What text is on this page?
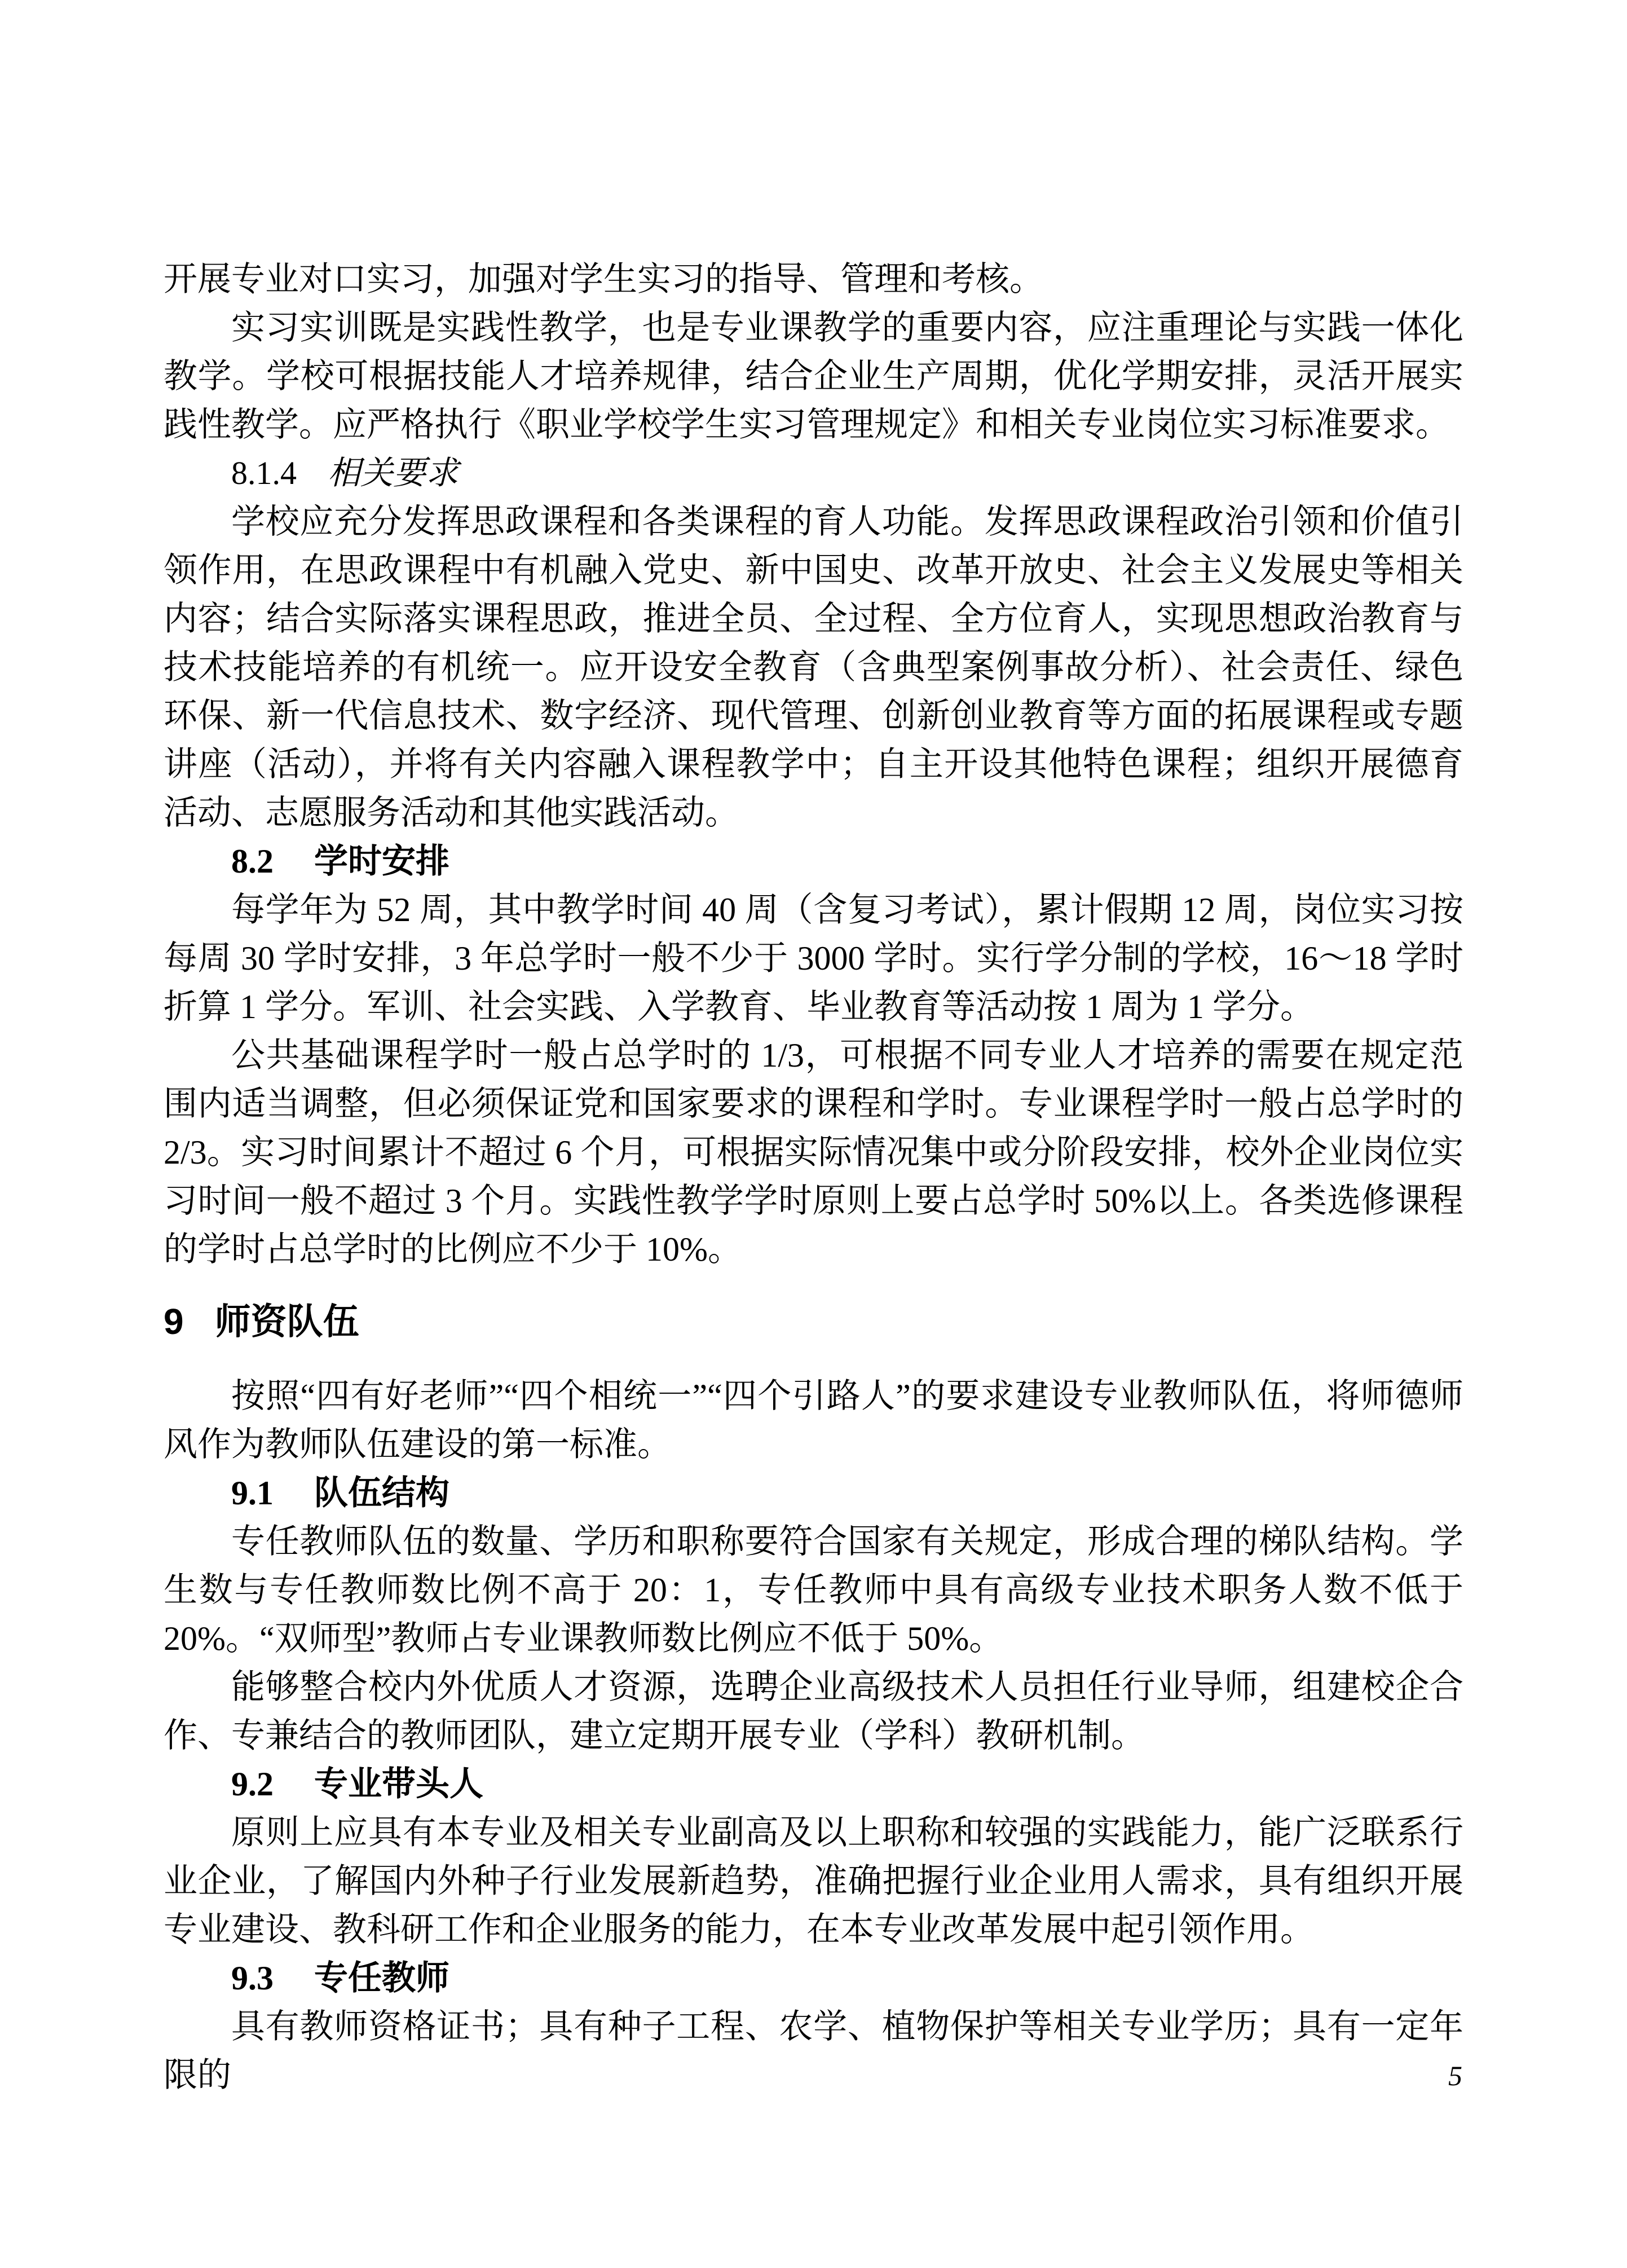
开展专业对口实习，加强对学生实习的指导、管理和考核。

实习实训既是实践性教学，也是专业课教学的重要内容，应注重理论与实践一体化教学。学校可根据技能人才培养规律，结合企业生产周期，优化学期安排，灵活开展实践性教学。应严格执行《职业学校学生实习管理规定》和相关专业岗位实习标准要求。

8.1.4 相关要求

学校应充分发挥思政课程和各类课程的育人功能。发挥思政课程政治引领和价值引领作用，在思政课程中有机融入党史、新中国史、改革开放史、社会主义发展史等相关内容；结合实际落实课程思政，推进全员、全过程、全方位育人，实现思想政治教育与技术技能培养的有机统一。应开设安全教育（含典型案例事故分析）、社会责任、绿色环保、新一代信息技术、数字经济、现代管理、创新创业教育等方面的拓展课程或专题讲座（活动），并将有关内容融入课程教学中；自主开设其他特色课程；组织开展德育活动、志愿服务活动和其他实践活动。

8.2 学时安排

每学年为 52 周，其中教学时间 40 周（含复习考试），累计假期 12 周，岗位实习按每周 30 学时安排，3 年总学时一般不少于 3000 学时。实行学分制的学校，16～18 学时折算 1 学分。军训、社会实践、入学教育、毕业教育等活动按 1 周为 1 学分。

公共基础课程学时一般占总学时的 1/3，可根据不同专业人才培养的需要在规定范围内适当调整，但必须保证党和国家要求的课程和学时。专业课程学时一般占总学时的 2/3。实习时间累计不超过 6 个月，可根据实际情况集中或分阶段安排，校外企业岗位实习时间一般不超过 3 个月。实践性教学学时原则上要占总学时 50%以上。各类选修课程的学时占总学时的比例应不少于 10%。

9 师资队伍

按照“四有好老师”“四个相统一”“四个引路人”的要求建设专业教师队伍，将师德师风作为教师队伍建设的第一标准。

9.1 队伍结构

专任教师队伍的数量、学历和职称要符合国家有关规定，形成合理的梯队结构。学生数与专任教师数比例不高于 20：1，专任教师中具有高级专业技术职务人数不低于 20%。“双师型”教师占专业课教师数比例应不低于 50%。

能够整合校内外优质人才资源，选聘企业高级技术人员担任行业导师，组建校企合作、专兼结合的教师团队，建立定期开展专业（学科）教研机制。

9.2 专业带头人

原则上应具有本专业及相关专业副高及以上职称和较强的实践能力，能广泛联系行业企业，了解国内外种子行业发展新趋势，准确把握行业企业用人需求，具有组织开展专业建设、教科研工作和企业服务的能力，在本专业改革发展中起引领作用。

9.3 专任教师

具有教师资格证书；具有种子工程、农学、植物保护等相关专业学历；具有一定年限的	5
